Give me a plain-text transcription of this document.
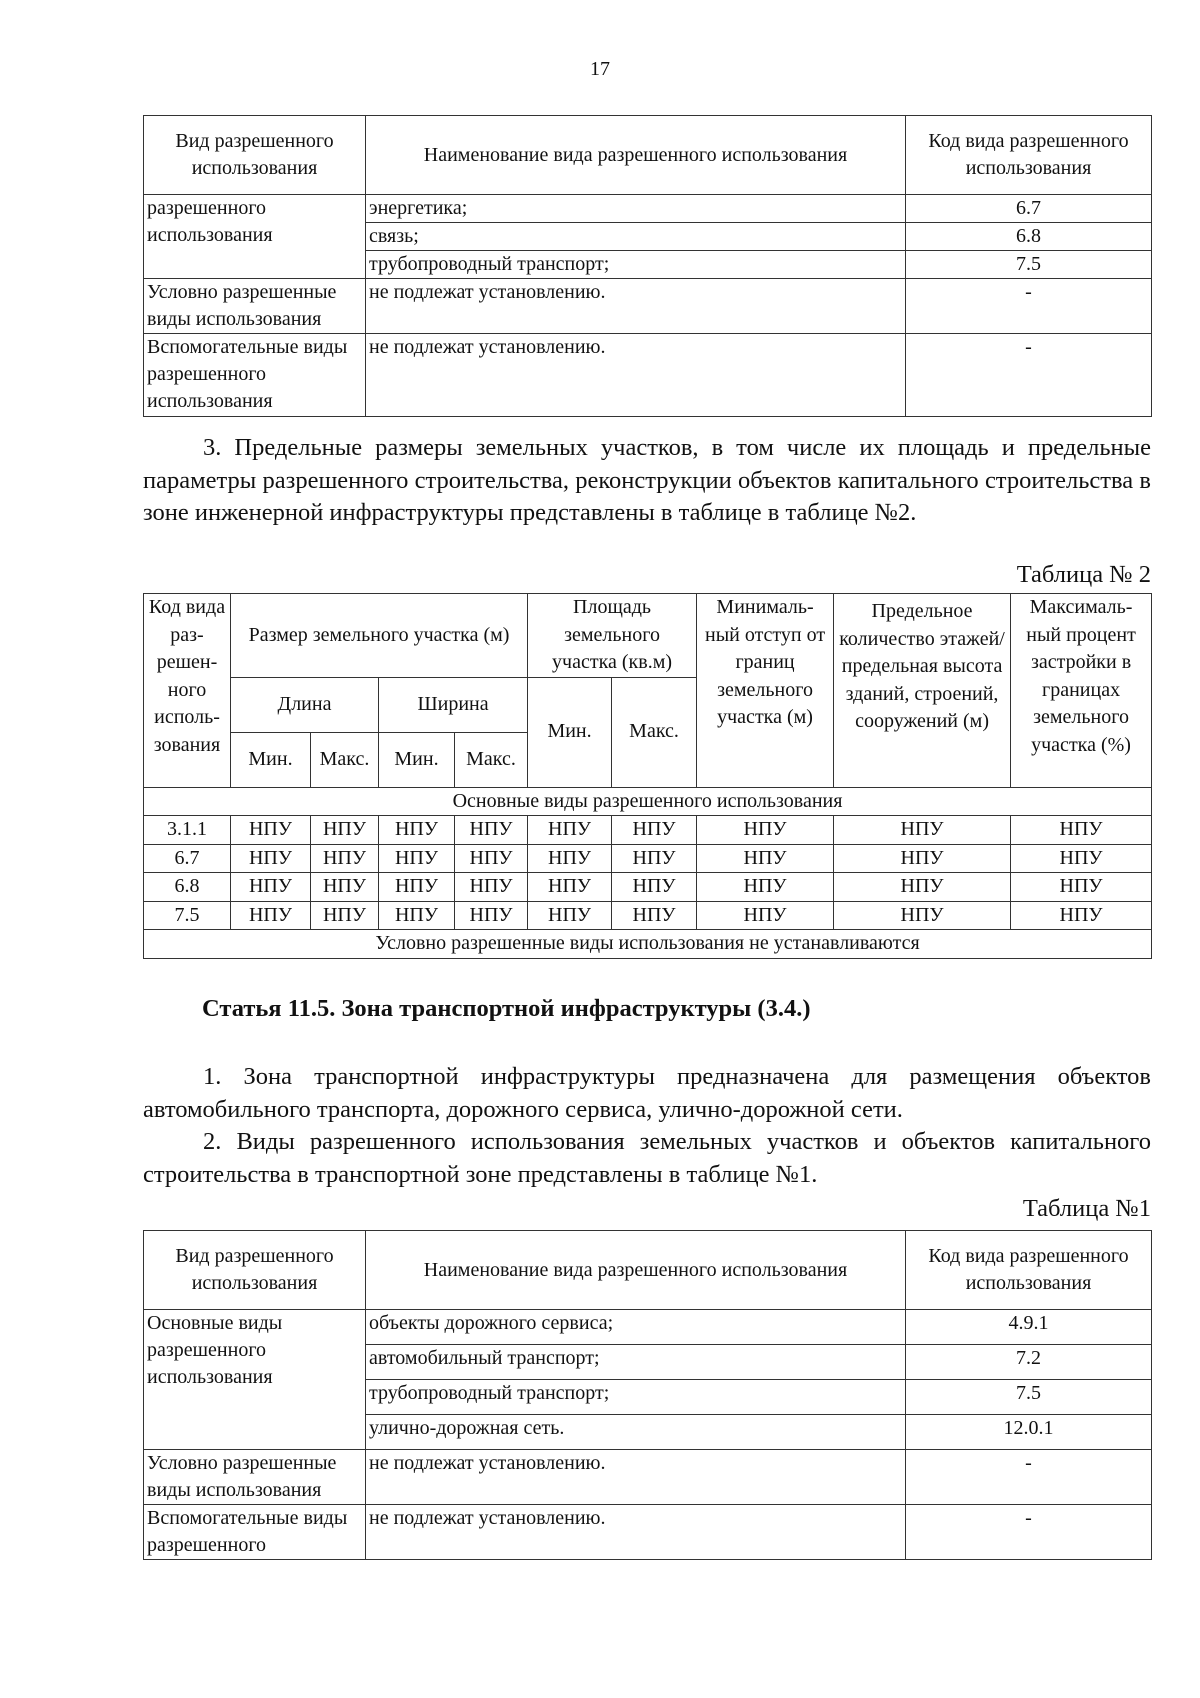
17
Вид разрешенного использования	Наименование вида разрешенного использования	Код вида разрешенного использования
разрешенного использования	энергетика;	6.7
	связь;	6.8
	трубопроводный транспорт;	7.5
Условно разрешенные виды использования	не подлежат установлению.	-
Вспомогательные виды разрешенного использования	не подлежат установлению.	-
3. Предельные размеры земельных участков, в том числе их площадь и предельные параметры разрешенного строительства, реконструкции объектов капитального строительства в зоне инженерной инфраструктуры представлены в таблице в таблице №2.
Таблица № 2
Код вида раз- решен- ного исполь- зования	Размер земельного участка (м)				Площадь земельного участка (кв.м)		Минималь- ный отступ от границ земельного участка (м)	Предельное количество этажей/ предельная высота зданий, строений, сооружений (м)	Максималь- ный процент застройки в границах земельного участка (%)
	Длина		Ширина		Мин.	Макс.			
	Мин.	Макс.	Мин.	Макс.					
Основные виды разрешенного использования									
3.1.1	НПУ	НПУ	НПУ	НПУ	НПУ	НПУ	НПУ	НПУ	НПУ
6.7	НПУ	НПУ	НПУ	НПУ	НПУ	НПУ	НПУ	НПУ	НПУ
6.8	НПУ	НПУ	НПУ	НПУ	НПУ	НПУ	НПУ	НПУ	НПУ
7.5	НПУ	НПУ	НПУ	НПУ	НПУ	НПУ	НПУ	НПУ	НПУ
Условно разрешенные виды использования не устанавливаются									
Статья 11.5. Зона транспортной инфраструктуры (3.4.)
1. Зона транспортной инфраструктуры предназначена для размещения объектов автомобильного транспорта, дорожного сервиса, улично-дорожной сети.
2. Виды разрешенного использования земельных участков и объектов капитального строительства в транспортной зоне представлены в таблице №1.
Таблица №1
Вид разрешенного использования	Наименование вида разрешенного использования	Код вида разрешенного использования
Основные виды разрешенного использования	объекты дорожного сервиса;	4.9.1
	автомобильный транспорт;	7.2
	трубопроводный транспорт;	7.5
	улично-дорожная сеть.	12.0.1
Условно разрешенные виды использования	не подлежат установлению.	-
Вспомогательные виды разрешенного	не подлежат установлению.	-
